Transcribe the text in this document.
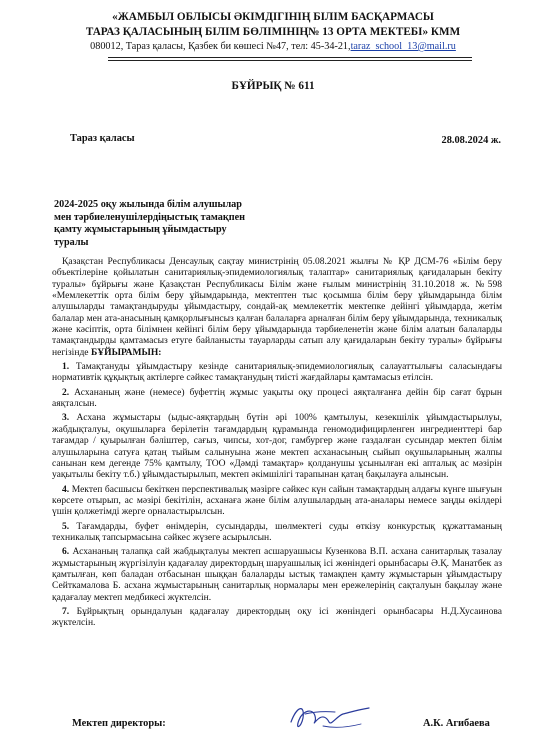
«ЖАМБЫЛ ОБЛЫСЫ ӘКІМДІГІНІҢ БІЛІМ БАСҚАРМАСЫ
ТАРАЗ ҚАЛАСЫНЫҢ БІЛІМ БӨЛІМІНІҢ№ 13 ОРТА МЕКТЕБІ» КММ
080012, Тараз қаласы, Қазбек би көшесі №47, тел: 45-34-21,taraz_school_13@mail.ru
БҰЙРЫҚ № 611
Тараз қаласы	28.08.2024 ж.
2024-2025 оқу жылында білім алушылар
мен тәрбиеленушілердіңыстық тамақпен
қамту жұмыстарының ұйымдастыру
туралы

Қазақстан Республикасы Денсаулық сақтау министрінің 05.08.2021 жылғы № ҚР ДСМ-76 «Білім беру объектілеріне қойылатын санитариялық-эпидемиологиялық талаптар» санитариялық қағидаларын бекіту туралы» бұйрығы және Қазақстан Республикасы Білім және ғылым министрінің 31.10.2018 ж. №598 «Мемлекеттік орта білім беру ұйымдарында, мектептен тыс қосымша білім беру ұйымдарында білім алушыларды тамақтандыруды ұйымдастыру, сондай-ақ мемлекеттік мектепке дейінгі ұйымдарда, жетім балалар мен ата-анасының қамқорлығынсыз қалған балаларға арналған білім беру ұйымдарында, техникалық және кәсіптік, орта білімнен кейінгі білім беру ұйымдарында тәрбиеленетін және білім алатын балаларды тамақтандырды қамтамасыз етуге байланысты тауарларды сатып алу қағидаларын бекіту туралы» бұйрығы негізінде БҰЙЫРАМЫН:

1. Тамақтануды ұйымдастыру кезінде санитариялық-эпидемиологиялық салауаттылығы саласындағы нормативтік құқықтық актілерге сәйкес тамақтанудың тиісті жағдайлары қамтамасыз етілсін.

2. Асхананың және (немесе) буфеттің жұмыс уақыты оқу процесі аяқталғанға дейін бір сағат бұрын аяқталсын.

3. Асхана жұмыстары (ыдыс-аяқтардың бүтін әрі 100% қамтылуы, кезекшілік ұйымдастырылуы, жабдықталуы, оқушыларға берілетін тағамдардың құрамында геномодифицирленген ингредиенттері бар тағамдар / қуырылған бәліштер, сағыз, чипсы, хот-дог, гамбургер және газдалған сусындар мектеп білім алушыларына сатуға қатаң тыйым салынуына және мектеп асханасының сыйып оқушыларының жалпы санынан кем дегенде 75% қамтылу, ТОО «Дәмді тамақтар» қолданушы ұсынылған екі апталық ас мәзірін уақытылы бекіту т.б.) ұйымдастырылып, мектеп әкімшілігі тарапынан қатаң бақылауға алынсын.

4. Мектеп басшысы бекіткен перспективалық мәзірге сәйкес күн сайын тамақтардың алдағы күнге шығуын көрсете отырып, ас мәзірі бекітілін, асханаға және білім алушылардың ата-аналары немесе заңды өкілдері үшін қолжетімді жерге орналастырылсын.

5. Тағамдарды, буфет өнімдерін, сусындарды, шөлмектегі суды өткізу конкурстық құжаттаманың техникалық тапсырмасына сәйкес жүзеге асырылсын.

6. Асхананың талапқа сай жабдықталуы мектеп асшаруашысы Кузенкова В.П. асхана санитарлық тазалау жұмыстарының жүргізілуін қадағалау директордың шаруашылық ісі жөніндегі орынбасары Ә.Қ. Манатбек аз қамтылған, көп баладан отбасынан шыққан балаларды ыстық тамақпен қамту жұмыстарын ұйымдастыру Сейткамалова Б. асхана жұмыстарының санитарлық нормалары мен ережелерінің сақталуын бақылау және қадағалау мектеп медбикесі жүктелсін.

7. Бұйрықтың орындалуын қадағалау директордың оқу ісі жөніндегі орынбасары Н.Д.Хусаинова жүктелсін.

Мектеп директоры:	А.К. Агибаева
